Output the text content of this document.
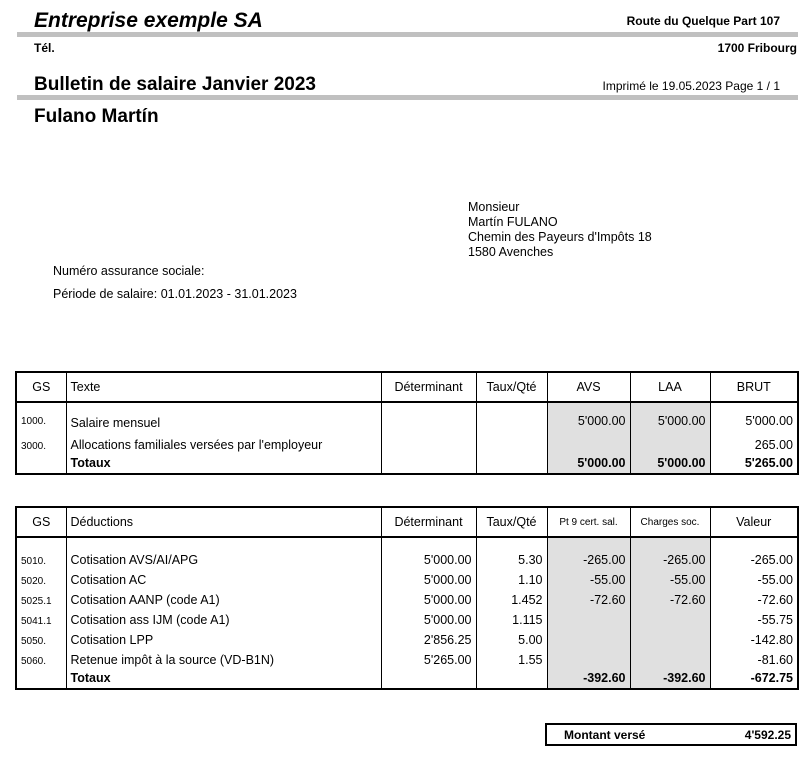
Entreprise exemple SA	Route du Quelque Part 107
Tél.	1700 Fribourg
Bulletin de salaire Janvier 2023	Imprimé le 19.05.2023 Page 1 / 1
Fulano Martín
Monsieur
Martín FULANO
Chemin des Payeurs d'Impôts 18
1580 Avenches
Numéro assurance sociale:
Période de salaire: 01.01.2023 - 31.01.2023
GS	Texte	Déterminant	Taux/Qté	AVS	LAA	BRUT
1000.	Salaire mensuel			5'000.00	5'000.00	5'000.00
3000.	Allocations familiales versées par l'employeur					265.00
	Totaux			5'000.00	5'000.00	5'265.00
GS	Déductions	Déterminant	Taux/Qté	Pt 9 cert. sal.	Charges soc.	Valeur
5010.	Cotisation AVS/AI/APG	5'000.00	5.30	-265.00	-265.00	-265.00
5020.	Cotisation AC	5'000.00	1.10	-55.00	-55.00	-55.00
5025.1	Cotisation AANP (code A1)	5'000.00	1.452	-72.60	-72.60	-72.60
5041.1	Cotisation ass IJM (code A1)	5'000.00	1.115			-55.75
5050.	Cotisation LPP	2'856.25	5.00			-142.80
5060.	Retenue impôt à la source (VD-B1N)	5'265.00	1.55			-81.60
	Totaux			-392.60	-392.60	-672.75
Montant versé	4'592.25
